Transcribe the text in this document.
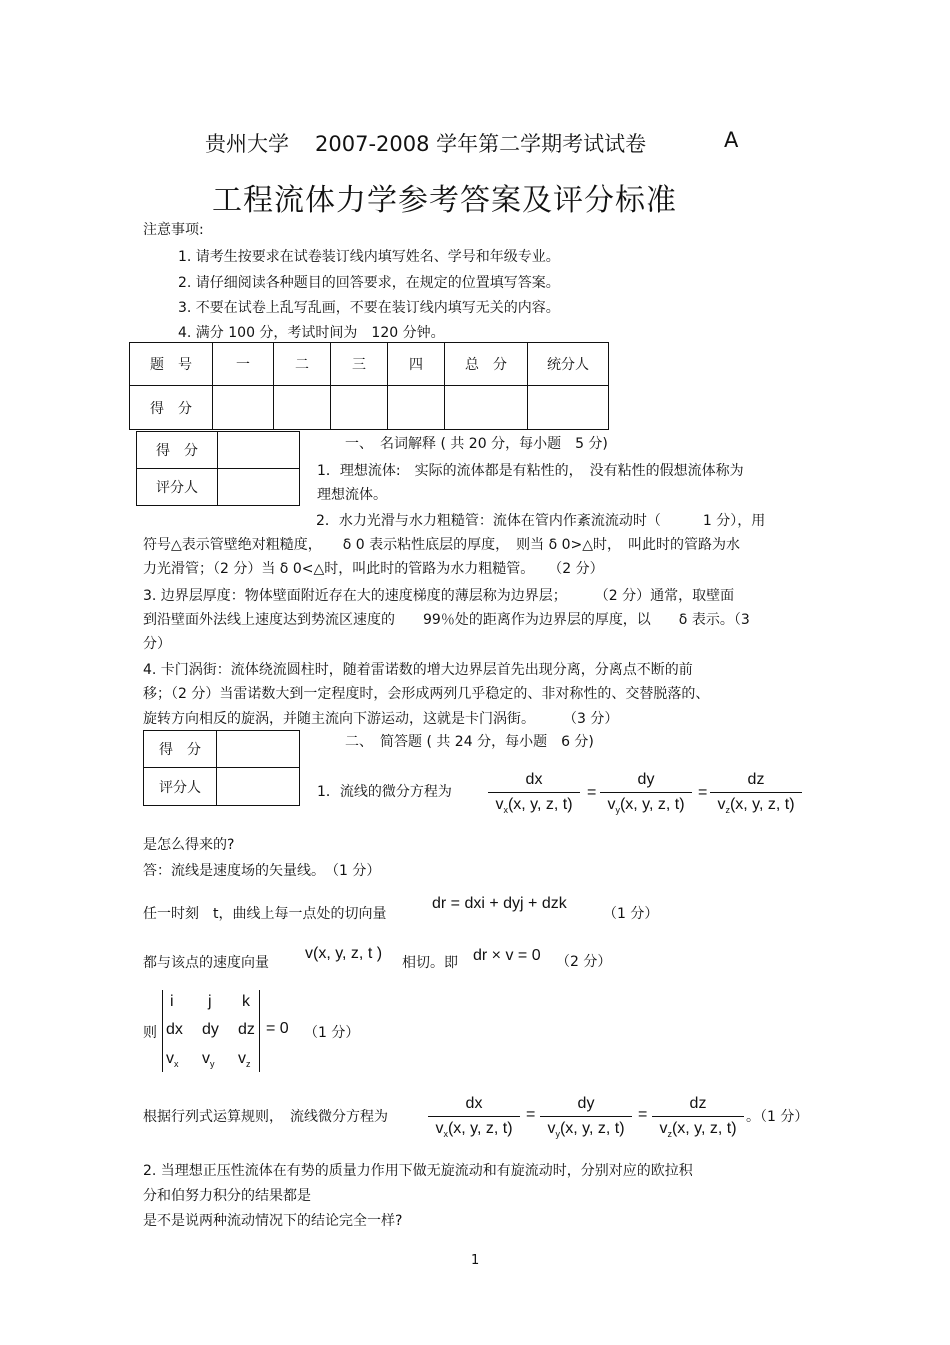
贵州大学 2007-2008 学年第二学期考试试卷	A
工程流体力学参考答案及评分标准
注意事项:
1. 请考生按要求在试卷装订线内填写姓名、学号和年级专业。
2. 请仔细阅读各种题目的回答要求，在规定的位置填写答案。
3. 不要在试卷上乱写乱画，不要在装订线内填写无关的内容。
4. 满分 100 分，考试时间为　120 分钟。
题　号	一	二	三	四	总　分	统分人
得　分						
得　分	
评分人	
一、　名词解释 ( 共 20 分，每小题　5 分)
1．理想流体:　实际的流体都是有粘性的，　没有粘性的假想流体称为
理想流体。
2．水力光滑与水力粗糙管：流体在管内作紊流流动时（　　　1 分），用
符号△表示管壁绝对粗糙度，　　δ 0 表示粘性底层的厚度，　则当 δ 0>△时，　叫此时的管路为水
力光滑管；（2 分）当 δ 0<△时，叫此时的管路为水力粗糙管。　　（2 分）
3. 边界层厚度：物体壁面附近存在大的速度梯度的薄层称为边界层；　　　（2 分）通常，取壁面
到沿壁面外法线上速度达到势流区速度的　　99％处的距离作为边界层的厚度，以　　δ 表示。（3
分）
4. 卡门涡街：流体绕流圆柱时，随着雷诺数的增大边界层首先出现分离，分离点不断的前
移；（2 分）当雷诺数大到一定程度时，会形成两列几乎稳定的、非对称性的、交替脱落的、
旋转方向相反的旋涡，并随主流向下游运动，这就是卡门涡街。　　　（3 分）
得　分	
评分人	
二、　简答题 ( 共 24 分，每小题　6 分)
1．流线的微分方程为
dx
$v_x(x$, y, z, t)
=
dy
$v_y(x$, y, z, t)
=
dz
$v_z(x$, y, z, t)
是怎么得来的?
答：流线是速度场的矢量线。　（1 分）
任一时刻　t，曲线上每一点处的切向量
dr = dxi + dyj + dzk
（1 分）
都与该点的速度向量
v(x, y, z, t )
相切。即 dr × v = 0 （2 分）
则
i j k
dx dy dz
$v_x$ $v_y$ $v_z$
= 0 （1 分）
根据行列式运算规则，　流线微分方程为
dx
$v_x(x$, y, z, t)
=
dy
$v_y(x$, y, z, t)
=
dz
$v_z(x$, y, z, t)
。（1 分）
2. 当理想正压性流体在有势的质量力作用下做无旋流动和有旋流动时，分别对应的欧拉积
分和伯努力积分的结果都是
是不是说两种流动情况下的结论完全一样?
1
